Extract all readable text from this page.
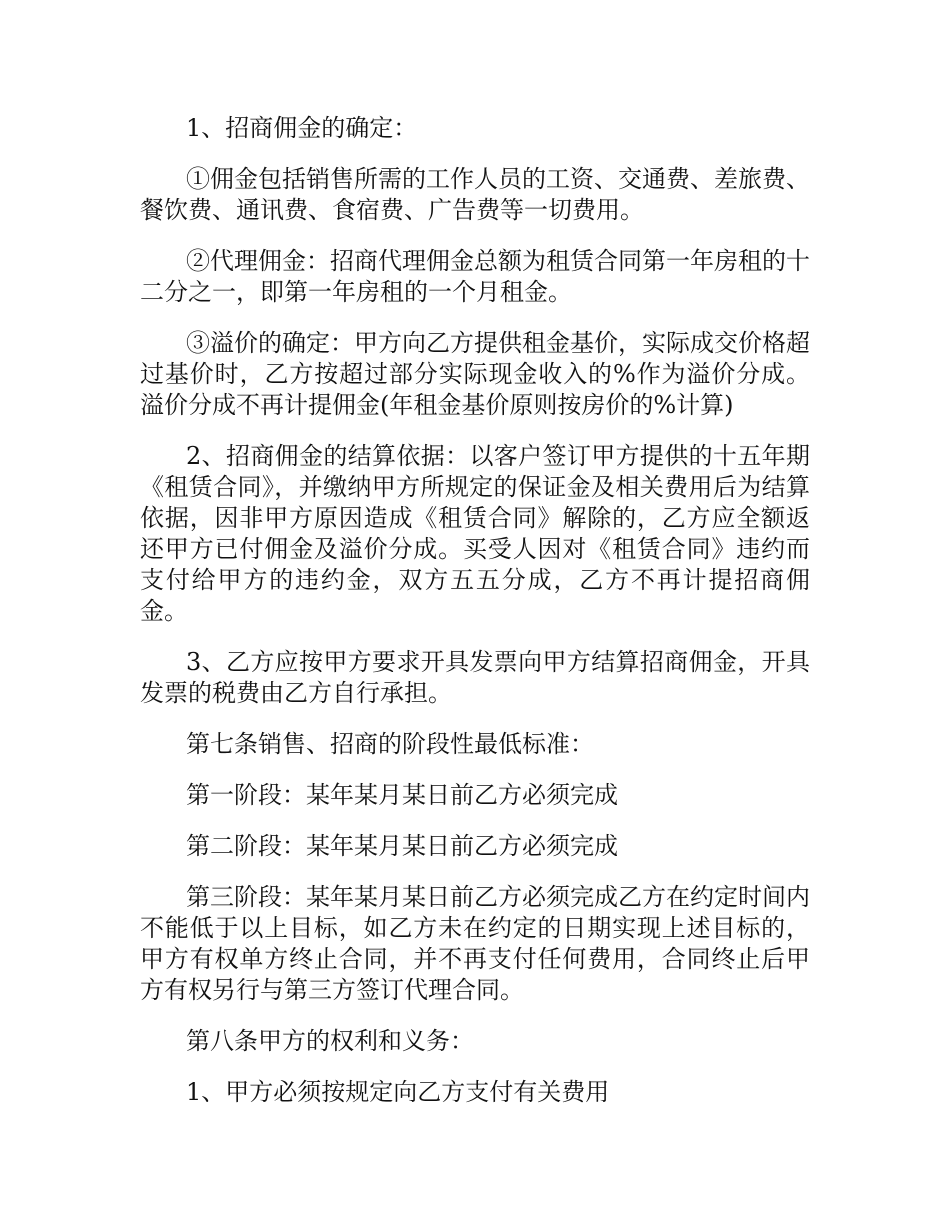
1、招商佣金的确定：

①佣金包括销售所需的工作人员的工资、交通费、差旅费、餐饮费、通讯费、食宿费、广告费等一切费用。

②代理佣金：招商代理佣金总额为租赁合同第一年房租的十二分之一，即第一年房租的一个月租金。

③溢价的确定：甲方向乙方提供租金基价，实际成交价格超过基价时，乙方按超过部分实际现金收入的%作为溢价分成。溢价分成不再计提佣金(年租金基价原则按房价的%计算)

2、招商佣金的结算依据：以客户签订甲方提供的十五年期《租赁合同》，并缴纳甲方所规定的保证金及相关费用后为结算依据，因非甲方原因造成《租赁合同》解除的，乙方应全额返还甲方已付佣金及溢价分成。买受人因对《租赁合同》违约而支付给甲方的违约金，双方五五分成，乙方不再计提招商佣金。

3、乙方应按甲方要求开具发票向甲方结算招商佣金，开具发票的税费由乙方自行承担。

第七条销售、招商的阶段性最低标准：

第一阶段：某年某月某日前乙方必须完成

第二阶段：某年某月某日前乙方必须完成

第三阶段：某年某月某日前乙方必须完成乙方在约定时间内不能低于以上目标，如乙方未在约定的日期实现上述目标的，甲方有权单方终止合同，并不再支付任何费用，合同终止后甲方有权另行与第三方签订代理合同。

第八条甲方的权利和义务：

1、甲方必须按规定向乙方支付有关费用
